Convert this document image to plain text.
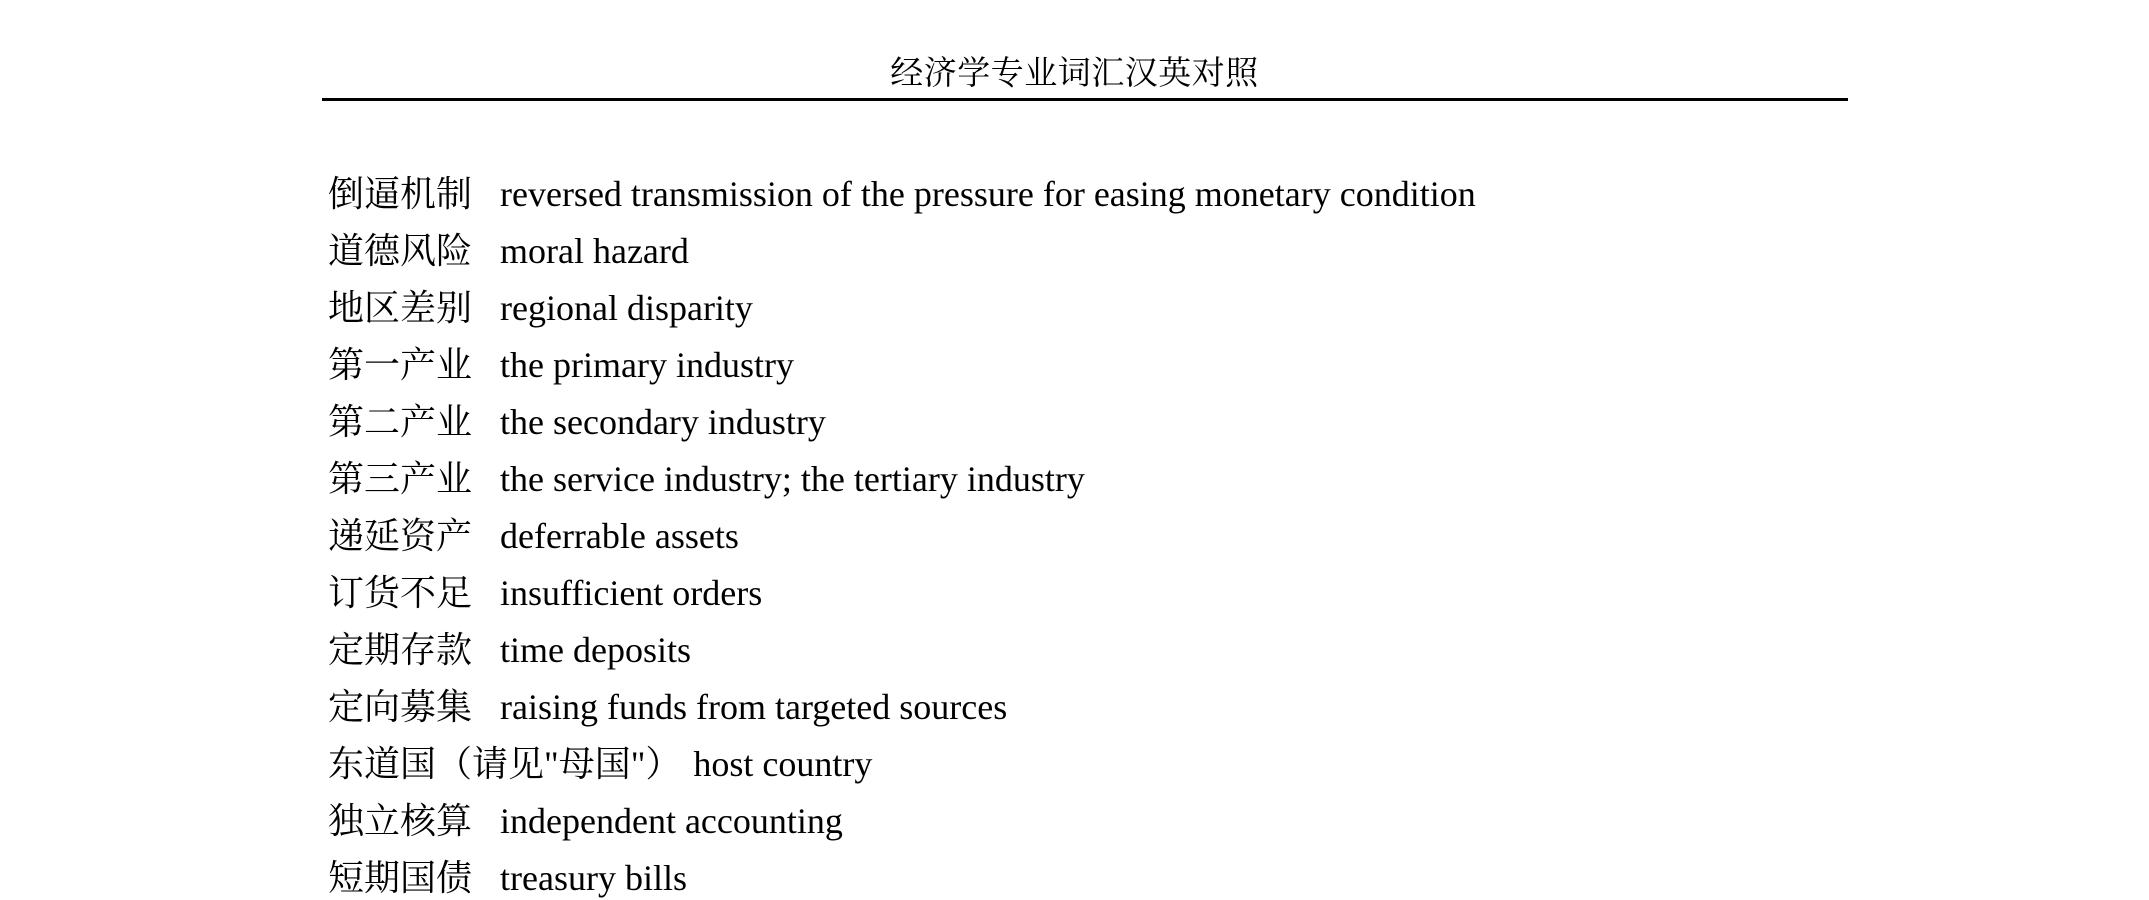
经济学专业词汇汉英对照
倒逼机制 reversed transmission of the pressure for easing monetary condition
道德风险 moral hazard
地区差别 regional disparity
第一产业 the primary industry
第二产业 the secondary industry
第三产业 the service industry; the tertiary industry
递延资产 deferrable assets
订货不足 insufficient orders
定期存款 time deposits
定向募集 raising funds from targeted sources
东道国（请见"母国"） host country
独立核算 independent accounting
短期国债 treasury bills
